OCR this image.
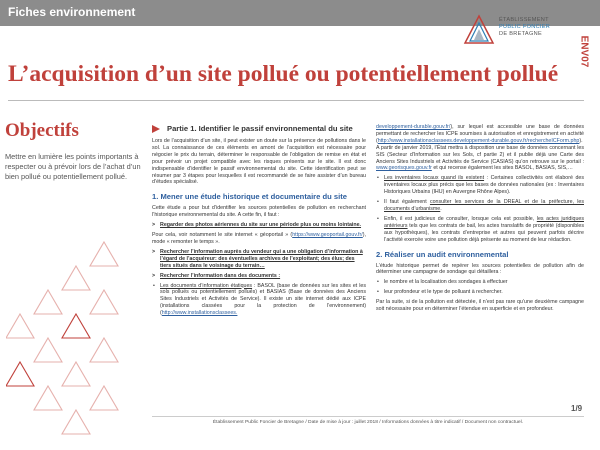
Fiches environnement
ÉTABLISSEMENT
PUBLIC FONCIER
DE BRETAGNE
ENV07
L’acquisition d’un site pollué ou potentiellement pollué
Objectifs

Mettre en lumière les points importants à respecter ou à prévoir lors de l’achat d’un bien pollué ou potentiellement pollué.

Partie 1. Identifier le passif environnemental du site

Lors de l’acquisition d’un site, il peut exister un doute sur la présence de pollutions dans le sol. La connaissance de ces éléments en amont de l’acquisition est nécessaire pour négocier le prix du terrain, déterminer le responsable de l’obligation de remise en état et pour prévoir un projet compatible avec les risques présents sur le site. Il est donc indispensable d’identifier le passif environnemental du site. Cette identification peut se résumer par 3 étapes pour lesquelles il est recommandé de se faire assister d’un bureau d’études spécialisé.

1. Mener une étude historique et documentaire du site

Cette étude a pour but d’identifier les sources potentielles de pollution en recherchant l’historique environnemental du site. A cette fin, il faut :

> Regarder des photos aériennes du site sur une période plus ou moins lointaine.

Pour cela, voir notamment le site internet « géoportail » (https://www.geoportail.gouv.fr/), mode « remonter le temps ».

> Rechercher l’information auprès du vendeur qui a une obligation d’information à l’égard de l’acquéreur: des éventuelles archives de l’exploitant; des élus; des tiers situés dans le voisinage du terrain…
> Rechercher l’information dans des documents :

• Les documents d’information étatiques : BASOL (base de données sur les sites et les sols pollués ou potentiellement pollués) et BASIAS (Base de données des Anciens Sites Industriels et Activités de Service). Il existe un site internet dédié aux ICPE (installations classées pour la protection de l’environnement) (http://www.installationsclassees.

developpement-durable.gouv.fr/), sur lequel est accessible une base de données permettant de rechercher les ICPE soumises à autorisation et enregistrement en activité (http://www.installationsclassees.developpement-durable.gouv.fr/rechercheICForm.php). A partir de janvier 2019, l’État mettra à disposition une base de données concernant les SIS (Secteur d’Information sur les Sols, cf partie 2) et il publie déjà une Carte des Anciens Sites Industriels et Activités de Service (CASIAS) qu’on retrouve sur le portail : www.georisques.gouv.fr et qui recense également les sites BASOL, BASIAS, SIS,…

• Les inventaires locaux quand ils existent : Certaines collectivités ont élaboré des inventaires locaux plus précis que les bases de données nationales (ex : Inventaires Historiques Urbains (IHU) en Auvergne Rhône Alpes).

• Il faut également consulter les services de la DREAL et de la préfecture, les documents d’urbanisme.

• Enfin, il est judicieux de consulter, lorsque cela est possible, les actes juridiques antérieurs tels que les contrats de bail, les actes translatifs de propriété (disponibles aux hypothèques), les contrats d’entreprise et autres qui peuvent parfois décrire l’activité exercée voire une pollution déjà présente au moment de leur rédaction.

2. Réaliser un audit environnemental

L’étude historique permet de repérer les sources potentielles de pollution afin de déterminer une campagne de sondage qui détaillera :

• le nombre et la localisation des sondages à effectuer

• leur profondeur et le type de polluant à rechercher.

Par la suite, si de la pollution est détectée, il n’est pas rare qu’une deuxième campagne soit nécessaire pour en déterminer l’étendue en superficie et en profondeur.

1/9
Établissement Public Foncier de Bretagne / Date de mise à jour : juillet 2018 / Informations données à titre indicatif / Document non contractuel.
